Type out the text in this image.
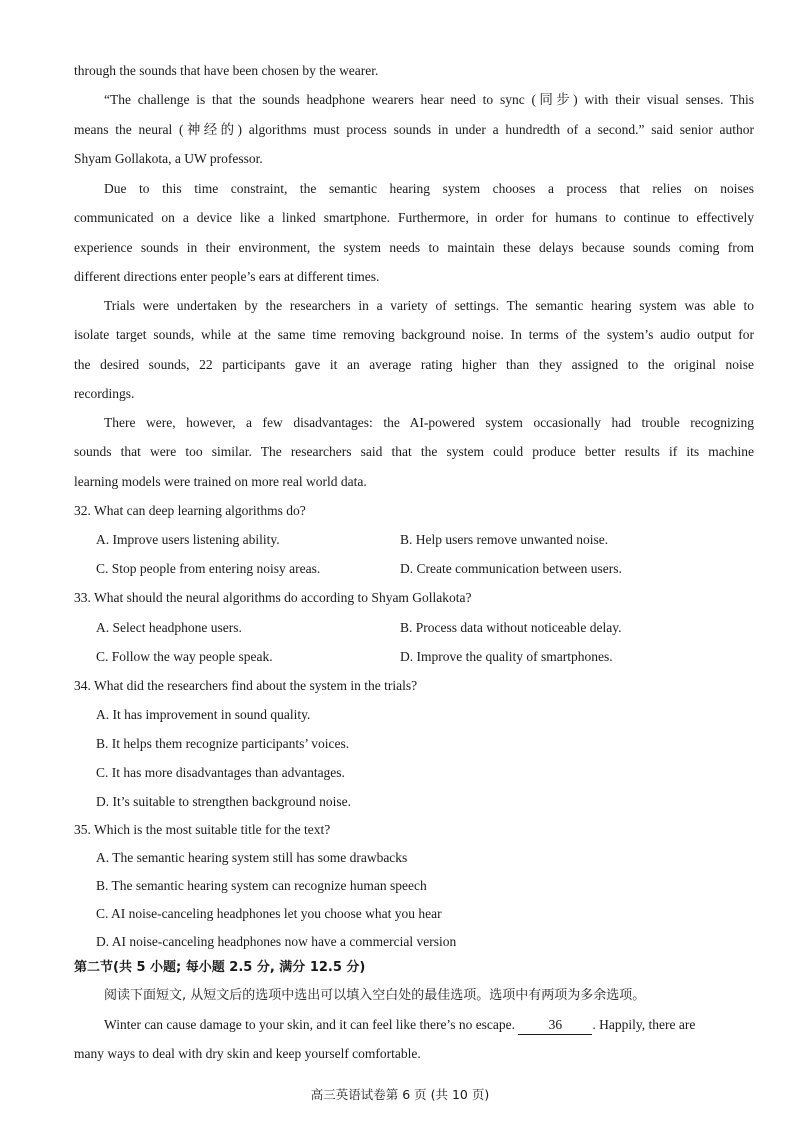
through the sounds that have been chosen by the wearer.
“The challenge is that the sounds headphone wearers hear need to sync (同步) with their visual senses. This
means the neural (神经的) algorithms must process sounds in under a hundredth of a second.” said senior author
Shyam Gollakota, a UW professor.
Due to this time constraint, the semantic hearing system chooses a process that relies on noises
communicated on a device like a linked smartphone. Furthermore, in order for humans to continue to effectively
experience sounds in their environment, the system needs to maintain these delays because sounds coming from
different directions enter people’s ears at different times.
Trials were undertaken by the researchers in a variety of settings. The semantic hearing system was able to
isolate target sounds, while at the same time removing background noise. In terms of the system’s audio output for
the desired sounds, 22 participants gave it an average rating higher than they assigned to the original noise
recordings.
There were, however, a few disadvantages: the AI-powered system occasionally had trouble recognizing
sounds that were too similar. The researchers said that the system could produce better results if its machine
learning models were trained on more real world data.
32. What can deep learning algorithms do?
A. Improve users listening ability.	B. Help users remove unwanted noise.
C. Stop people from entering noisy areas.	D. Create communication between users.
33. What should the neural algorithms do according to Shyam Gollakota?
A. Select headphone users.	B. Process data without noticeable delay.
C. Follow the way people speak.	D. Improve the quality of smartphones.
34. What did the researchers find about the system in the trials?
A. It has improvement in sound quality.
B. It helps them recognize participants’ voices.
C. It has more disadvantages than advantages.
D. It’s suitable to strengthen background noise.
35. Which is the most suitable title for the text?
A. The semantic hearing system still has some drawbacks
B. The semantic hearing system can recognize human speech
C. AI noise-canceling headphones let you choose what you hear
D. AI noise-canceling headphones now have a commercial version
第二节(共 5 小题; 每小题 2.5 分, 满分 12.5 分)
阅读下面短文, 从短文后的选项中选出可以填入空白处的最佳选项。选项中有两项为多余选项。
Winter can cause damage to your skin, and it can feel like there’s no escape. 36 . Happily, there are
many ways to deal with dry skin and keep yourself comfortable.
高三英语试卷第 6 页 (共 10 页)
